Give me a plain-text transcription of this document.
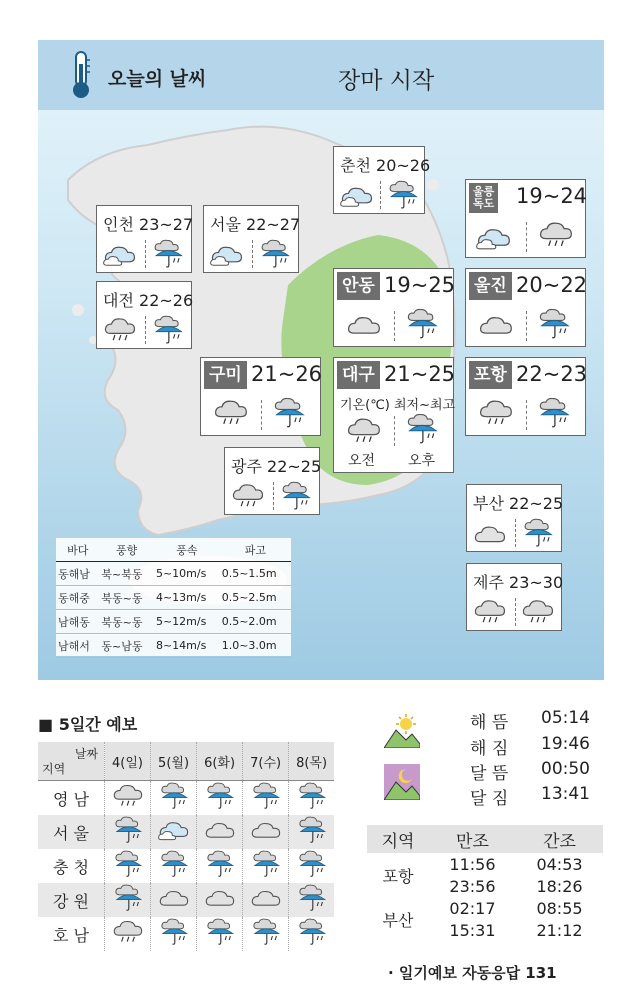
오늘의 날씨	장마 시작
춘천 20~26
인천 23~27 서울 22~27
울릉
독도 19~24
대전 22~26
안동 19~25 울진 20~22
구미 21~26 대구 21~25
기온(℃) 최저~최고
오전 오후
포항 22~23
광주 22~25
부산 22~25
제주 23~30
바다	풍향	풍속	파고
동해남	북~북동	5~10m/s	0.5~1.5m
동해중	북동~동	4~13m/s	0.5~2.5m
남해동	북동~동	5~12m/s	0.5~2.0m
남해서	동~남동	8~14m/s	1.0~3.0m
■ 5일간 예보
날짜
지역	4(일)	5(월)	6(화)	7(수)	8(목)
영 남					
서 울					
충 청					
강 원					
호 남					
해 뜸 05:14
해 짐 19:46
달 뜸 00:50
달 짐 13:41
지역	만조	간조
포항	11:56	04:53
	23:56	18:26
부산	02:17	08:55
	15:31	21:12
· 일기예보 자동응답 131
